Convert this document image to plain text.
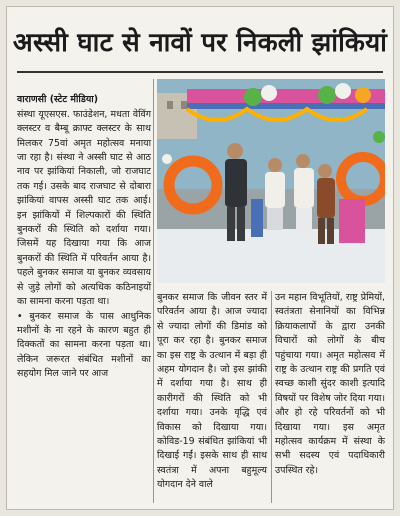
अस्सी घाट से नावों पर निकली झांकियां

वाराणसी (स्टेट मीडिया)
संस्था यूएसएस. फाउंडेशन, मधता वेविंग क्लस्टर व बैम्बू क्राफ्ट क्लस्टर के साथ मिलकर 75वां अमृत महोत्सव मनाया जा रहा है। संस्था ने अस्सी घाट से आठ नाव पर झांकियां निकाली, जो राजघाट तक गई। उसके बाद राजघाट से दोबारा झांकियां वापस अस्सी घाट तक आई। इन झांकियों में शिल्पकारों की स्थिति बुनकरों की स्थिति को दर्शाया गया। जिसमें यह दिखाया गया कि आज बुनकरों की स्थिति में परिवर्तन आया है। पहले बुनकर समाज या बुनकर व्यवसाय से जुड़े लोगों को अत्यधिक कठिनाइयों का सामना करना पड़ता था।
• बुनकर समाज के पास आधुनिक मशीनों के ना रहने के कारण बहुत ही दिक्कतों का सामना करना पड़ता था। लेकिन जरूरत संबंधित मशीनों का सहयोग मिल जाने पर आज

बुनकर समाज कि जीवन स्तर में परिवर्तन आया है। आज ज्यादा से ज्यादा लोगों की डिमांड को पूरा कर रहा है। बुनकर समाज का इस राष्ट्र के उत्थान में बड़ा ही अहम योगदान है। जो इस झांकी में दर्शाया गया है। साथ ही कारीगरों की स्थिति को भी दर्शाया गया। उनके वृद्धि एवं विकास को दिखाया गया। कोविड-19 संबंधित झांकियां भी दिखाई गईं। इसके साथ ही साथ स्वतंत्रा में अपना बहुमूल्य योगदान देने वाले

उन महान विभूतियों, राष्ट्र प्रेमियों, स्वतंत्रता सेनानियों का विभिन्न क्रियाकलापों के द्वारा उनकी विचारों को लोगों के बीच पहुंचाया गया। अमृत महोत्सव में राष्ट्र के उत्थान राष्ट्र की प्रगति एवं स्वच्छ काशी सुंदर काशी इत्यादि विषयों पर विशेष जोर दिया गया। और हो रहे परिवर्तनों को भी दिखाया गया। इस अमृत महोत्सव कार्यक्रम में संस्था के सभी सदस्य एवं पदाधिकारी उपस्थित रहे।
